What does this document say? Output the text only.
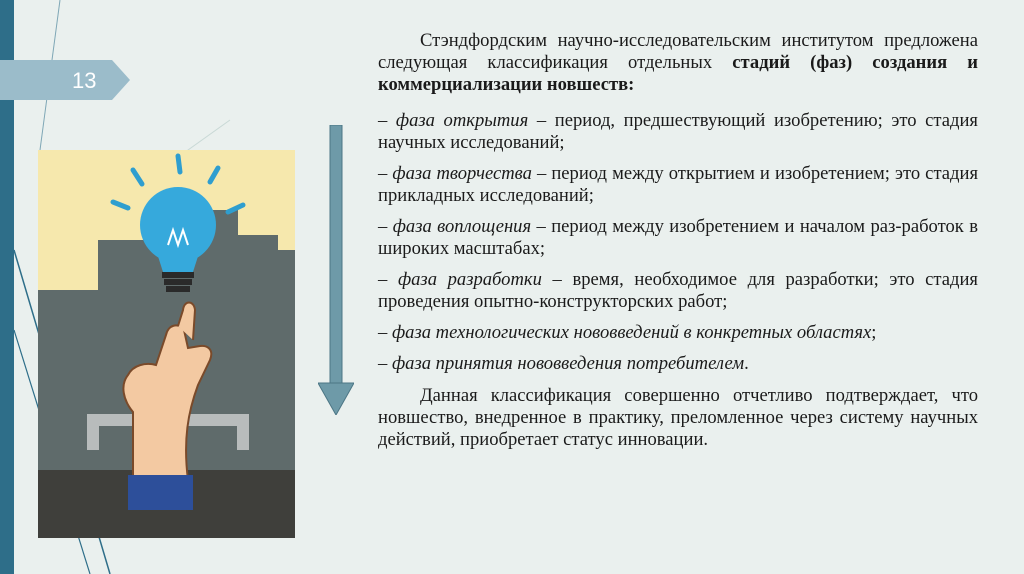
13

Стэндфордским научно-исследовательским институтом предложена следующая классификация отдельных стадий (фаз) создания и коммерциализации новшеств:

– фаза открытия – период, предшествующий изобретению; это стадия научных исследований;

– фаза творчества – период между открытием и изобретением; это стадия прикладных исследований;

– фаза воплощения – период между изобретением и началом раз-работок в широких масштабах;

– фаза разработки – время, необходимое для разработки; это стадия проведения опытно-конструкторских работ;

– фаза технологических нововведений в конкретных областях;

– фаза принятия нововведения потребителем.

Данная классификация совершенно отчетливо подтверждает, что новшество, внедренное в практику, преломленное через систему научных действий, приобретает статус инновации.
